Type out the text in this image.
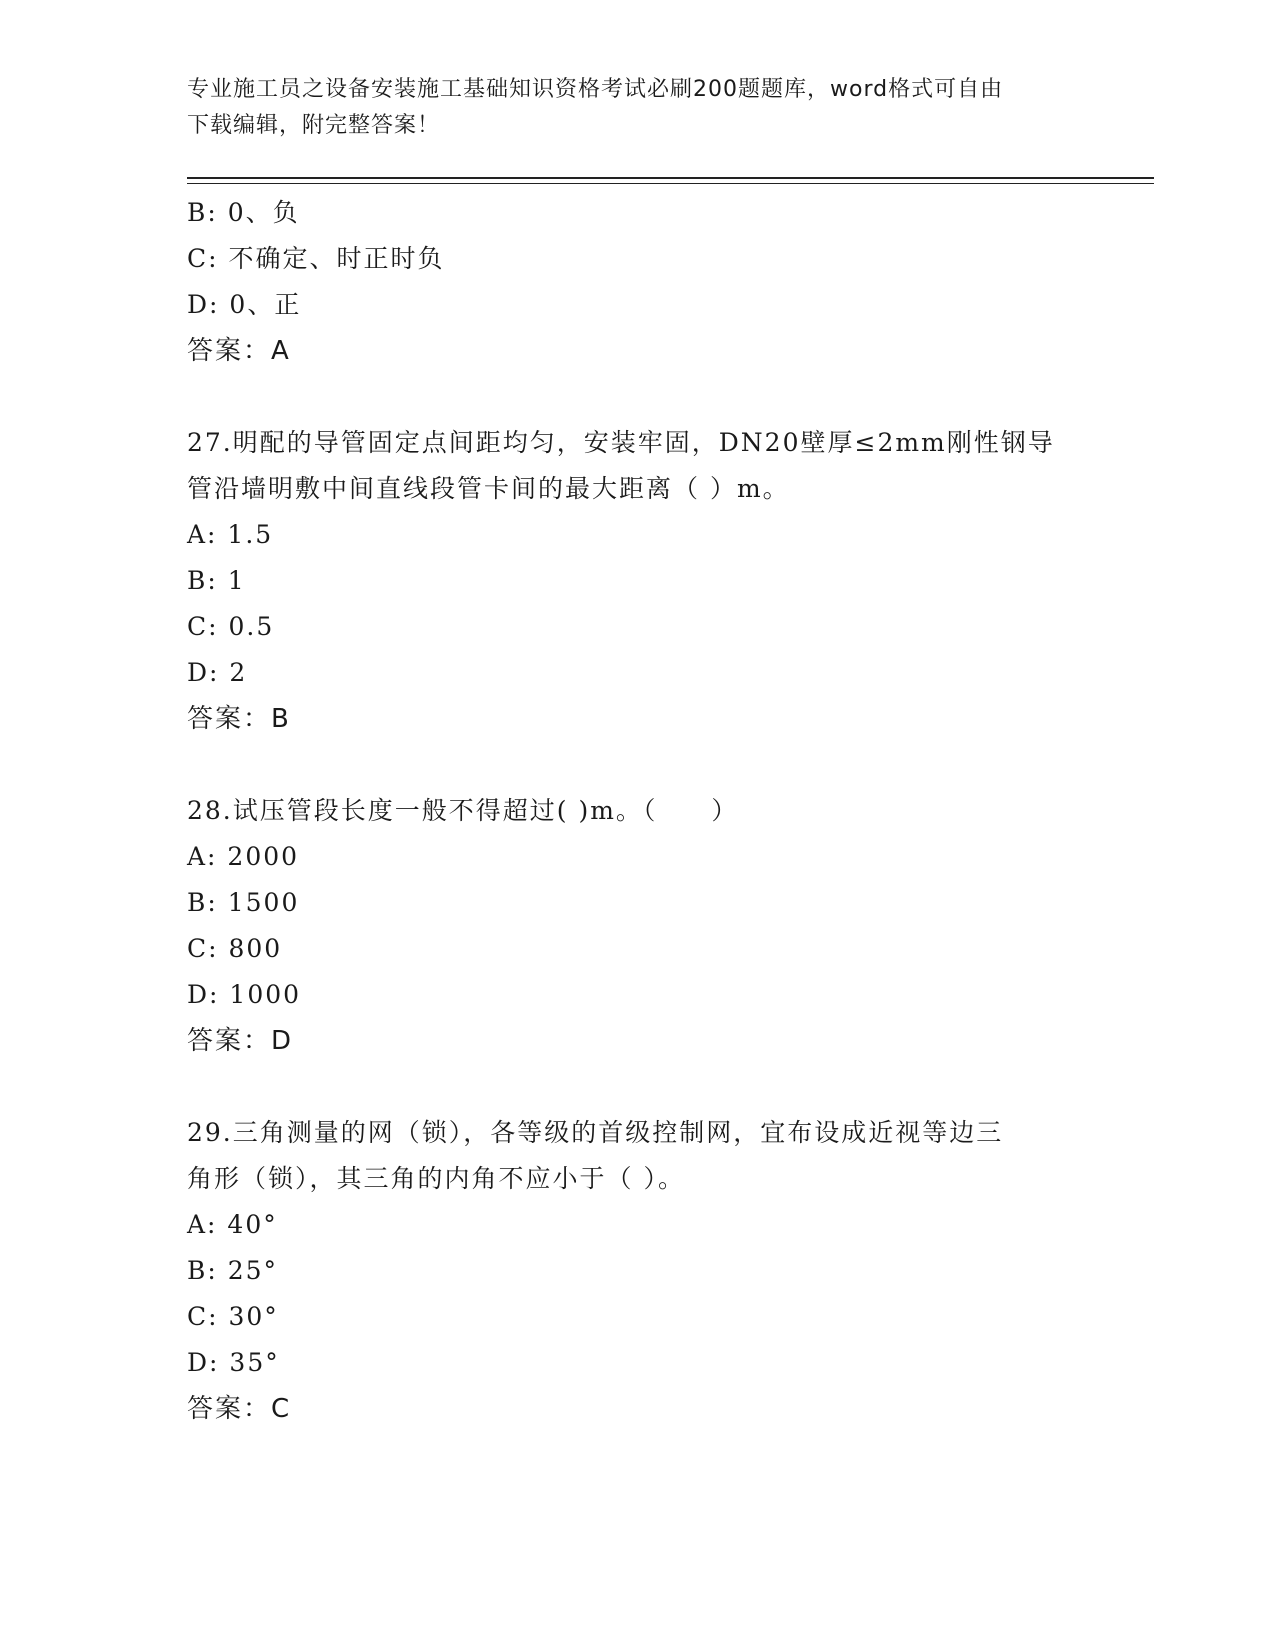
专业施工员之设备安装施工基础知识资格考试必刷200题题库，word格式可自由
下载编辑，附完整答案！
B: 0、负
C: 不确定、时正时负
D: 0、正
答案：A
27.明配的导管固定点间距均匀，安装牢固，DN20壁厚≤2mm刚性钢导
管沿墙明敷中间直线段管卡间的最大距离（ ）m。
A: 1.5
B: 1
C: 0.5
D: 2
答案：B
28.试压管段长度一般不得超过( )m。（　　）
A: 2000
B: 1500
C: 800
D: 1000
答案：D
29.三角测量的网（锁），各等级的首级控制网，宜布设成近视等边三
角形（锁），其三角的内角不应小于（ ）。
A: 40°
B: 25°
C: 30°
D: 35°
答案：C
